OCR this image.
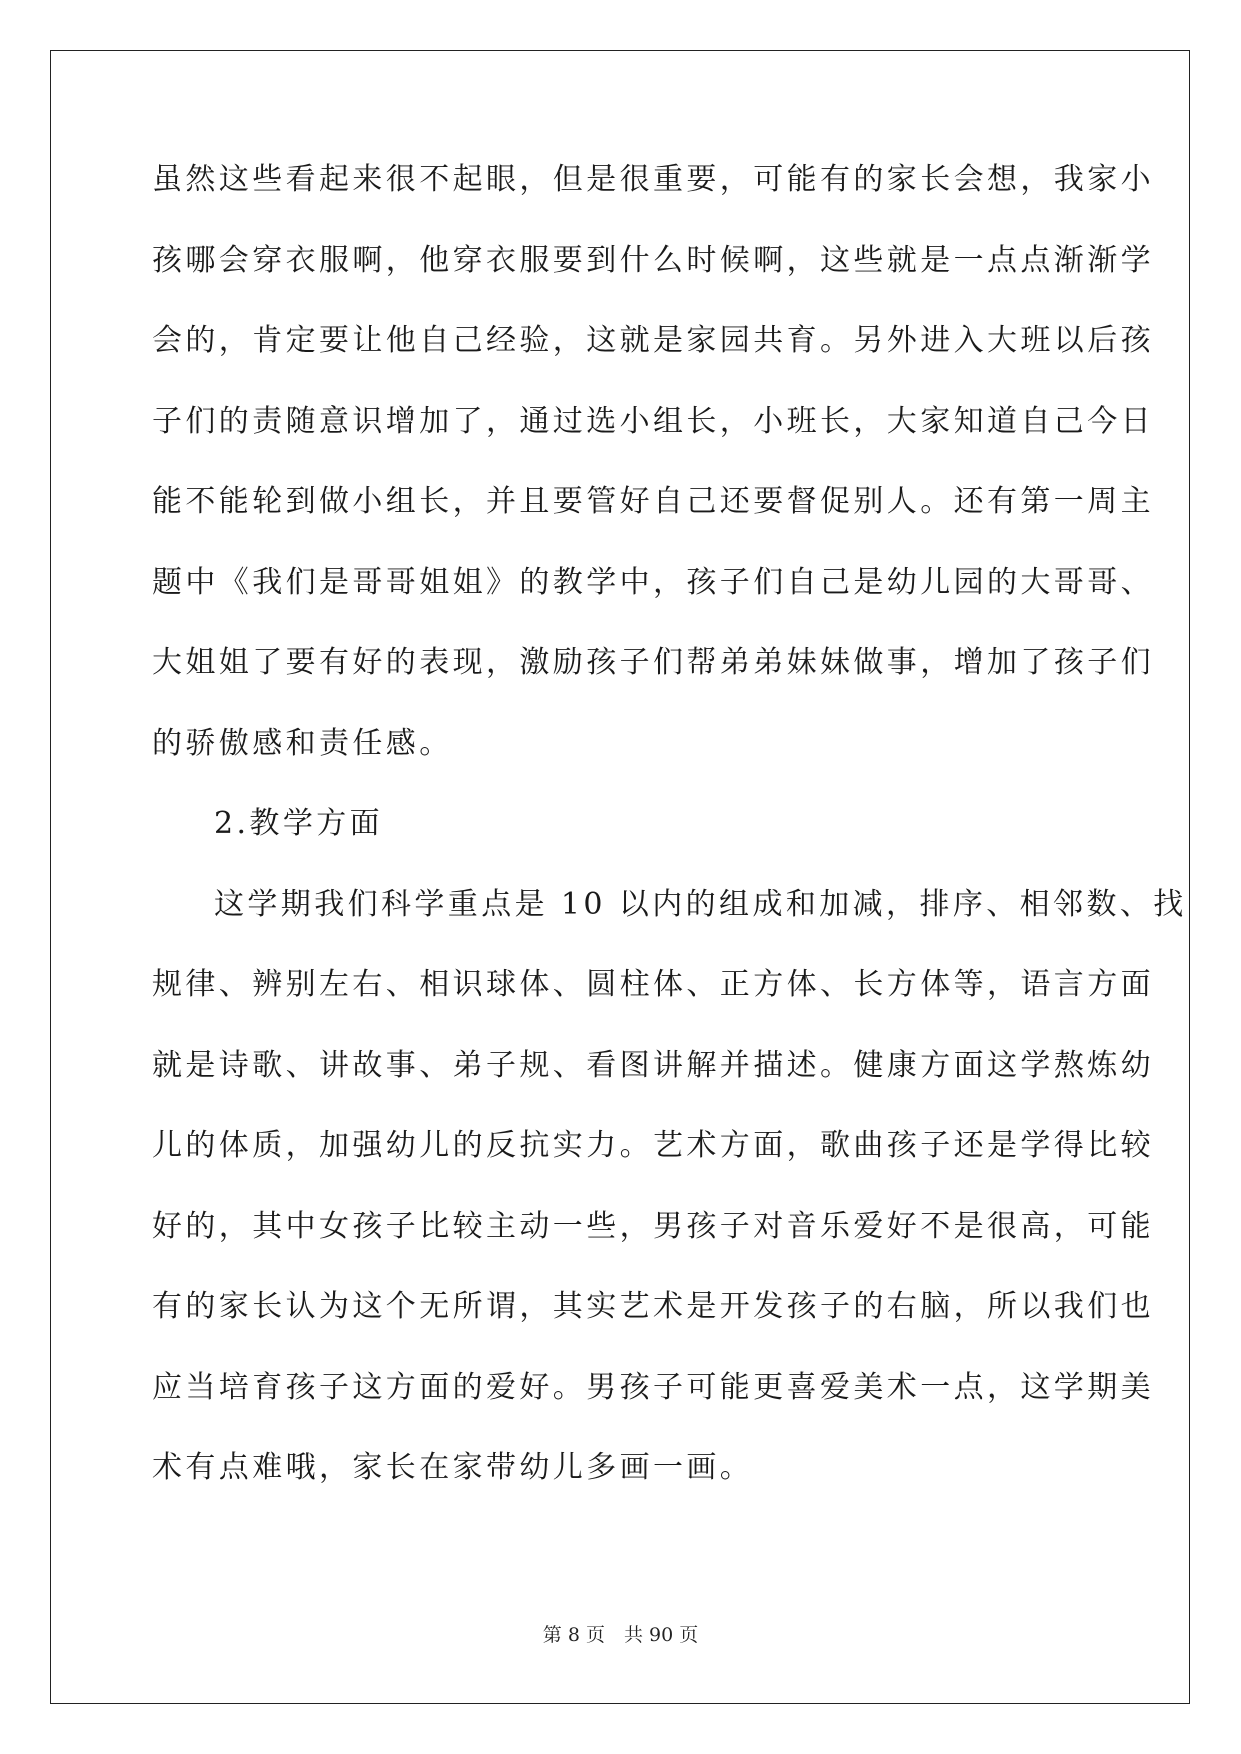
虽然这些看起来很不起眼，但是很重要，可能有的家长会想，我家小
孩哪会穿衣服啊，他穿衣服要到什么时候啊，这些就是一点点渐渐学
会的，肯定要让他自己经验，这就是家园共育。另外进入大班以后孩
子们的责随意识增加了，通过选小组长，小班长，大家知道自己今日
能不能轮到做小组长，并且要管好自己还要督促别人。还有第一周主
题中《我们是哥哥姐姐》的教学中，孩子们自己是幼儿园的大哥哥、
大姐姐了要有好的表现，激励孩子们帮弟弟妹妹做事，增加了孩子们
的骄傲感和责任感。
2.教学方面
这学期我们科学重点是 10 以内的组成和加减，排序、相邻数、找
规律、辨别左右、相识球体、圆柱体、正方体、长方体等，语言方面
就是诗歌、讲故事、弟子规、看图讲解并描述。健康方面这学熬炼幼
儿的体质，加强幼儿的反抗实力。艺术方面，歌曲孩子还是学得比较
好的，其中女孩子比较主动一些，男孩子对音乐爱好不是很高，可能
有的家长认为这个无所谓，其实艺术是开发孩子的右脑，所以我们也
应当培育孩子这方面的爱好。男孩子可能更喜爱美术一点，这学期美
术有点难哦，家长在家带幼儿多画一画。
第 8 页　共 90 页
